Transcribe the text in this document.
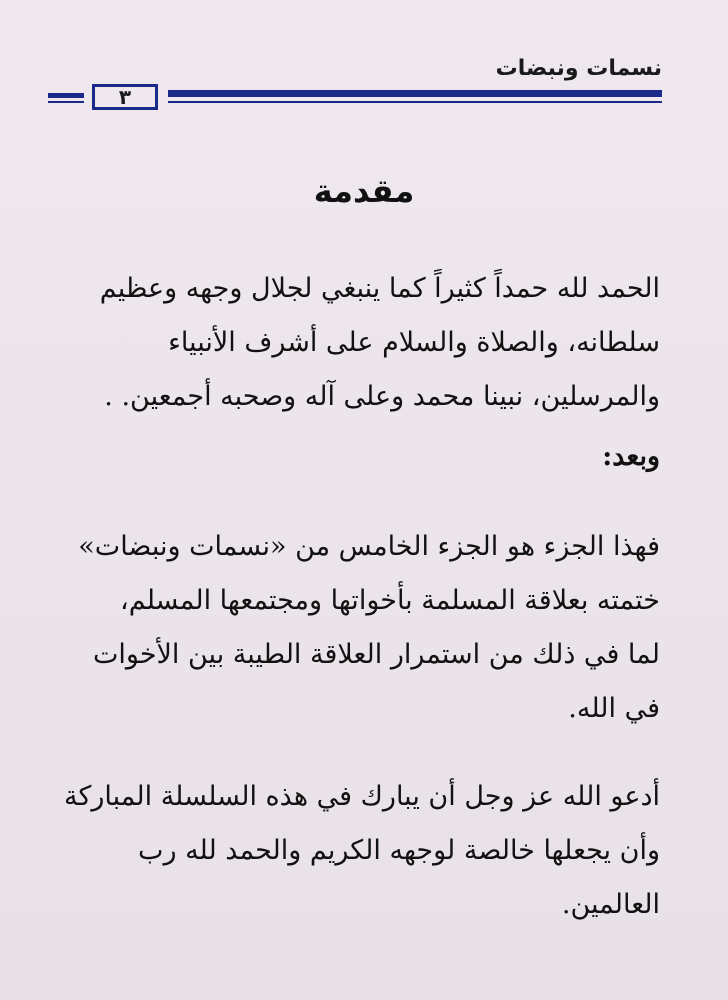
نسمات ونبضات
٣
مقدمة
الحمد لله حمداً كثيراً كما ينبغي لجلال وجهه وعظيم
سلطانه، والصلاة والسلام على أشرف الأنبياء
والمرسلين، نبينا محمد وعلى آله وصحبه أجمعين. .
وبعد:
فهذا الجزء هو الجزء الخامس من «نسمات ونبضات»
ختمته بعلاقة المسلمة بأخواتها ومجتمعها المسلم،
لما في ذلك من استمرار العلاقة الطيبة بين الأخوات
في الله.
أدعو الله عز وجل أن يبارك في هذه السلسلة المباركة
وأن يجعلها خالصة لوجهه الكريم والحمد لله رب
العالمين.
